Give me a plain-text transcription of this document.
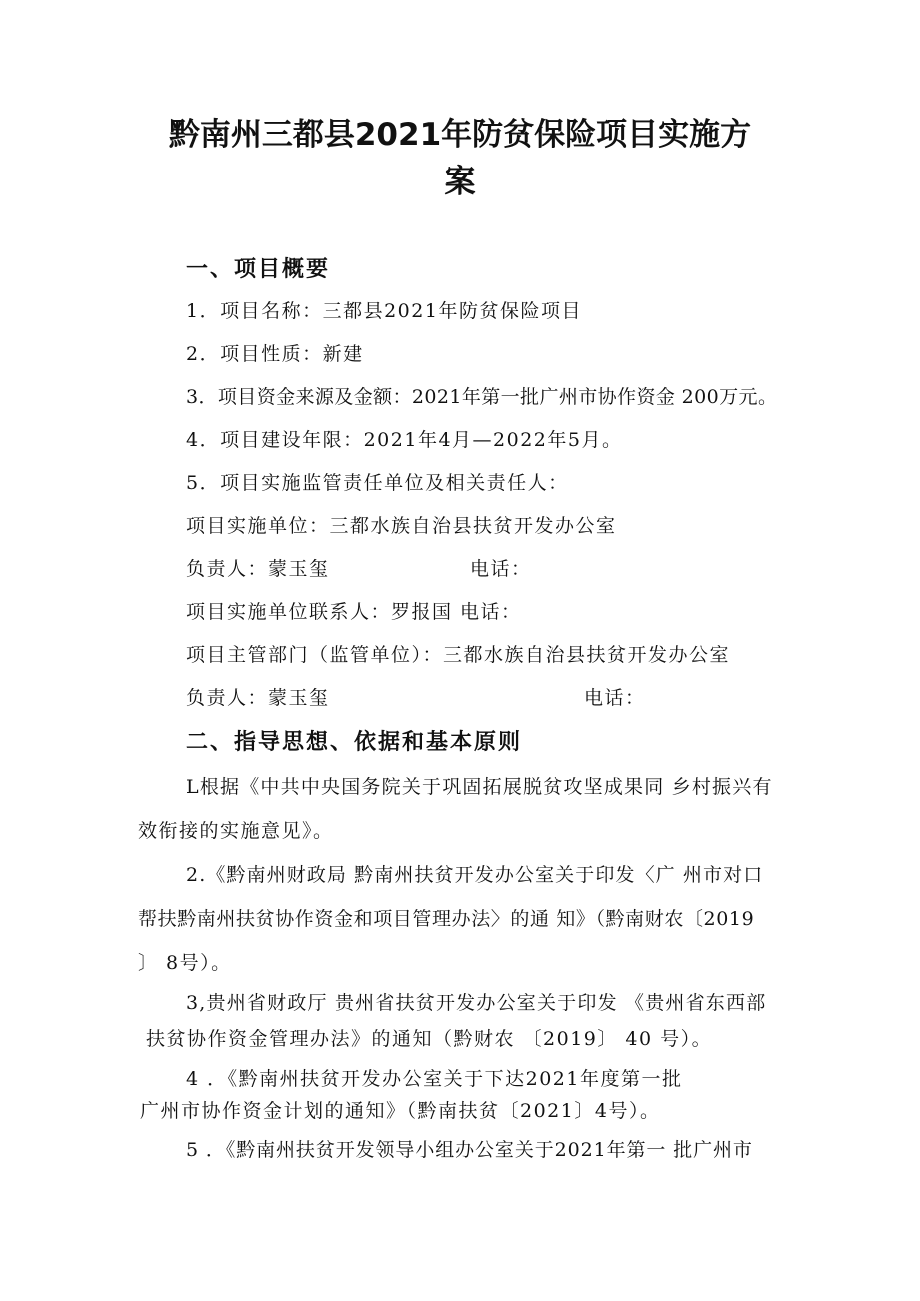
黔南州三都县2021年防贫保险项目实施方
案
一、项目概要
1．项目名称：三都县2021年防贫保险项目
2．项目性质：新建
3．项目资金来源及金额：2021年第一批广州市协作资金 200万元。
4．项目建设年限：2021年4月—2022年5月。
5．项目实施监管责任单位及相关责任人：
项目实施单位：三都水族自治县扶贫开发办公室
负责人：蒙玉玺	电话：
项目实施单位联系人：罗报国 电话：
项目主管部门（监管单位）：三都水族自治县扶贫开发办公室
负责人：蒙玉玺	电话：
二、指导思想、依据和基本原则
L根据《中共中央国务院关于巩固拓展脱贫攻坚成果同 乡村振兴有
效衔接的实施意见》。
2.《黔南州财政局 黔南州扶贫开发办公室关于印发〈广 州市对口
帮扶黔南州扶贫协作资金和项目管理办法〉的通 知》（黔南财农〔2019
〕 8号）。
3,贵州省财政厅 贵州省扶贫开发办公室关于印发 《贵州省东西部
扶贫协作资金管理办法》的通知（黔财农 〔2019〕 40 号）。
4 ．《黔南州扶贫开发办公室关于下达2021年度第一批
广州市协作资金计划的通知》（黔南扶贫〔2021〕4号）。
5 ．《黔南州扶贫开发领导小组办公室关于2021年第一 批广州市
